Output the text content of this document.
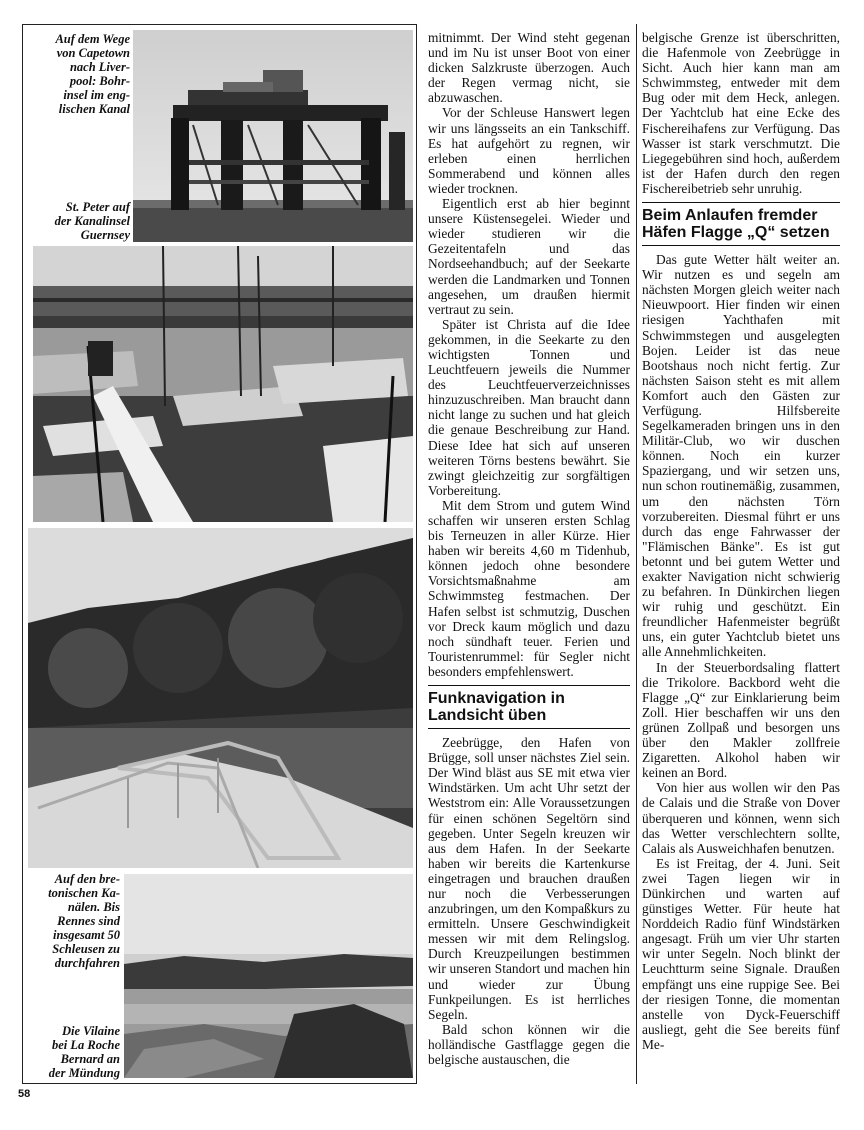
Auf dem Wege
von Capetown
nach Liver-
pool: Bohr-
insel im eng-
lischen Kanal
St. Peter auf
der Kanalinsel
Guernsey
Auf den bre-
tonischen Ka-
nälen. Bis
Rennes sind
insgesamt 50
Schleusen zu
durchfahren
Die Vilaine
bei La Roche
Bernard an
der Mündung

mitnimmt. Der Wind steht gegenan und im Nu ist unser Boot von einer dicken Salzkruste überzogen. Auch der Regen vermag nicht, sie abzuwaschen.

Vor der Schleuse Hanswert legen wir uns längsseits an ein Tankschiff. Es hat aufgehört zu regnen, wir erleben einen herrlichen Sommerabend und können alles wieder trocknen.

Eigentlich erst ab hier beginnt unsere Küstensegelei. Wieder und wieder studieren wir die Gezeitentafeln und das Nordseehandbuch; auf der Seekarte werden die Landmarken und Tonnen angesehen, um draußen hiermit vertraut zu sein.

Später ist Christa auf die Idee gekommen, in die Seekarte zu den wichtigsten Tonnen und Leuchtfeuern jeweils die Nummer des Leuchtfeuerverzeichnisses hinzuzuschreiben. Man braucht dann nicht lange zu suchen und hat gleich die genaue Beschreibung zur Hand. Diese Idee hat sich auf unseren weiteren Törns bestens bewährt. Sie zwingt gleichzeitig zur sorgfältigen Vorbereitung.

Mit dem Strom und gutem Wind schaffen wir unseren ersten Schlag bis Terneuzen in aller Kürze. Hier haben wir bereits 4,60 m Tidenhub, können jedoch ohne besondere Vorsichtsmaßnahme am Schwimmsteg festmachen. Der Hafen selbst ist schmutzig, Duschen vor Dreck kaum möglich und dazu noch sündhaft teuer. Ferien und Touristenrummel: für Segler nicht besonders empfehlenswert.

Funknavigation in Landsicht üben

Zeebrügge, den Hafen von Brügge, soll unser nächstes Ziel sein. Der Wind bläst aus SE mit etwa vier Windstärken. Um acht Uhr setzt der Weststrom ein: Alle Voraussetzungen für einen schönen Segeltörn sind gegeben. Unter Segeln kreuzen wir aus dem Hafen. In der Seekarte haben wir bereits die Kartenkurse eingetragen und brauchen draußen nur noch die Verbesserungen anzubringen, um den Kompaßkurs zu ermitteln. Unsere Geschwindigkeit messen wir mit dem Relingslog. Durch Kreuzpeilungen bestimmen wir unseren Standort und machen hin und wieder zur Übung Funkpeilungen. Es ist herrliches Segeln.

Bald schon können wir die holländische Gastflagge gegen die belgische austauschen, die

belgische Grenze ist überschritten, die Hafenmole von Zeebrügge in Sicht. Auch hier kann man am Schwimmsteg, entweder mit dem Bug oder mit dem Heck, anlegen. Der Yachtclub hat eine Ecke des Fischereihafens zur Verfügung. Das Wasser ist stark verschmutzt. Die Liegegebühren sind hoch, außerdem ist der Hafen durch den regen Fischereibetrieb sehr unruhig.

Beim Anlaufen fremder Häfen Flagge „Q“ setzen

Das gute Wetter hält weiter an. Wir nutzen es und segeln am nächsten Morgen gleich weiter nach Nieuwpoort. Hier finden wir einen riesigen Yachthafen mit Schwimmstegen und ausgelegten Bojen. Leider ist das neue Bootshaus noch nicht fertig. Zur nächsten Saison steht es mit allem Komfort auch den Gästen zur Verfügung. Hilfsbereite Segelkameraden bringen uns in den Militär-Club, wo wir duschen können. Noch ein kurzer Spaziergang, und wir setzen uns, nun schon routinemäßig, zusammen, um den nächsten Törn vorzubereiten. Diesmal führt er uns durch das enge Fahrwasser der "Flämischen Bänke". Es ist gut betonnt und bei gutem Wetter und exakter Navigation nicht schwierig zu befahren. In Dünkirchen liegen wir ruhig und geschützt. Ein freundlicher Hafenmeister begrüßt uns, ein guter Yachtclub bietet uns alle Annehmlichkeiten.

In der Steuerbordsaling flattert die Trikolore. Backbord weht die Flagge „Q“ zur Einklarierung beim Zoll. Hier beschaffen wir uns den grünen Zollpaß und besorgen uns über den Makler zollfreie Zigaretten. Alkohol haben wir keinen an Bord.

Von hier aus wollen wir den Pas de Calais und die Straße von Dover überqueren und können, wenn sich das Wetter verschlechtern sollte, Calais als Ausweichhafen benutzen.

Es ist Freitag, der 4. Juni. Seit zwei Tagen liegen wir in Dünkirchen und warten auf günstiges Wetter. Für heute hat Norddeich Radio fünf Windstärken angesagt. Früh um vier Uhr starten wir unter Segeln. Noch blinkt der Leuchtturm seine Signale. Draußen empfängt uns eine ruppige See. Bei der riesigen Tonne, die momentan anstelle von Dyck-Feuerschiff ausliegt, geht die See bereits fünf Me-

58
